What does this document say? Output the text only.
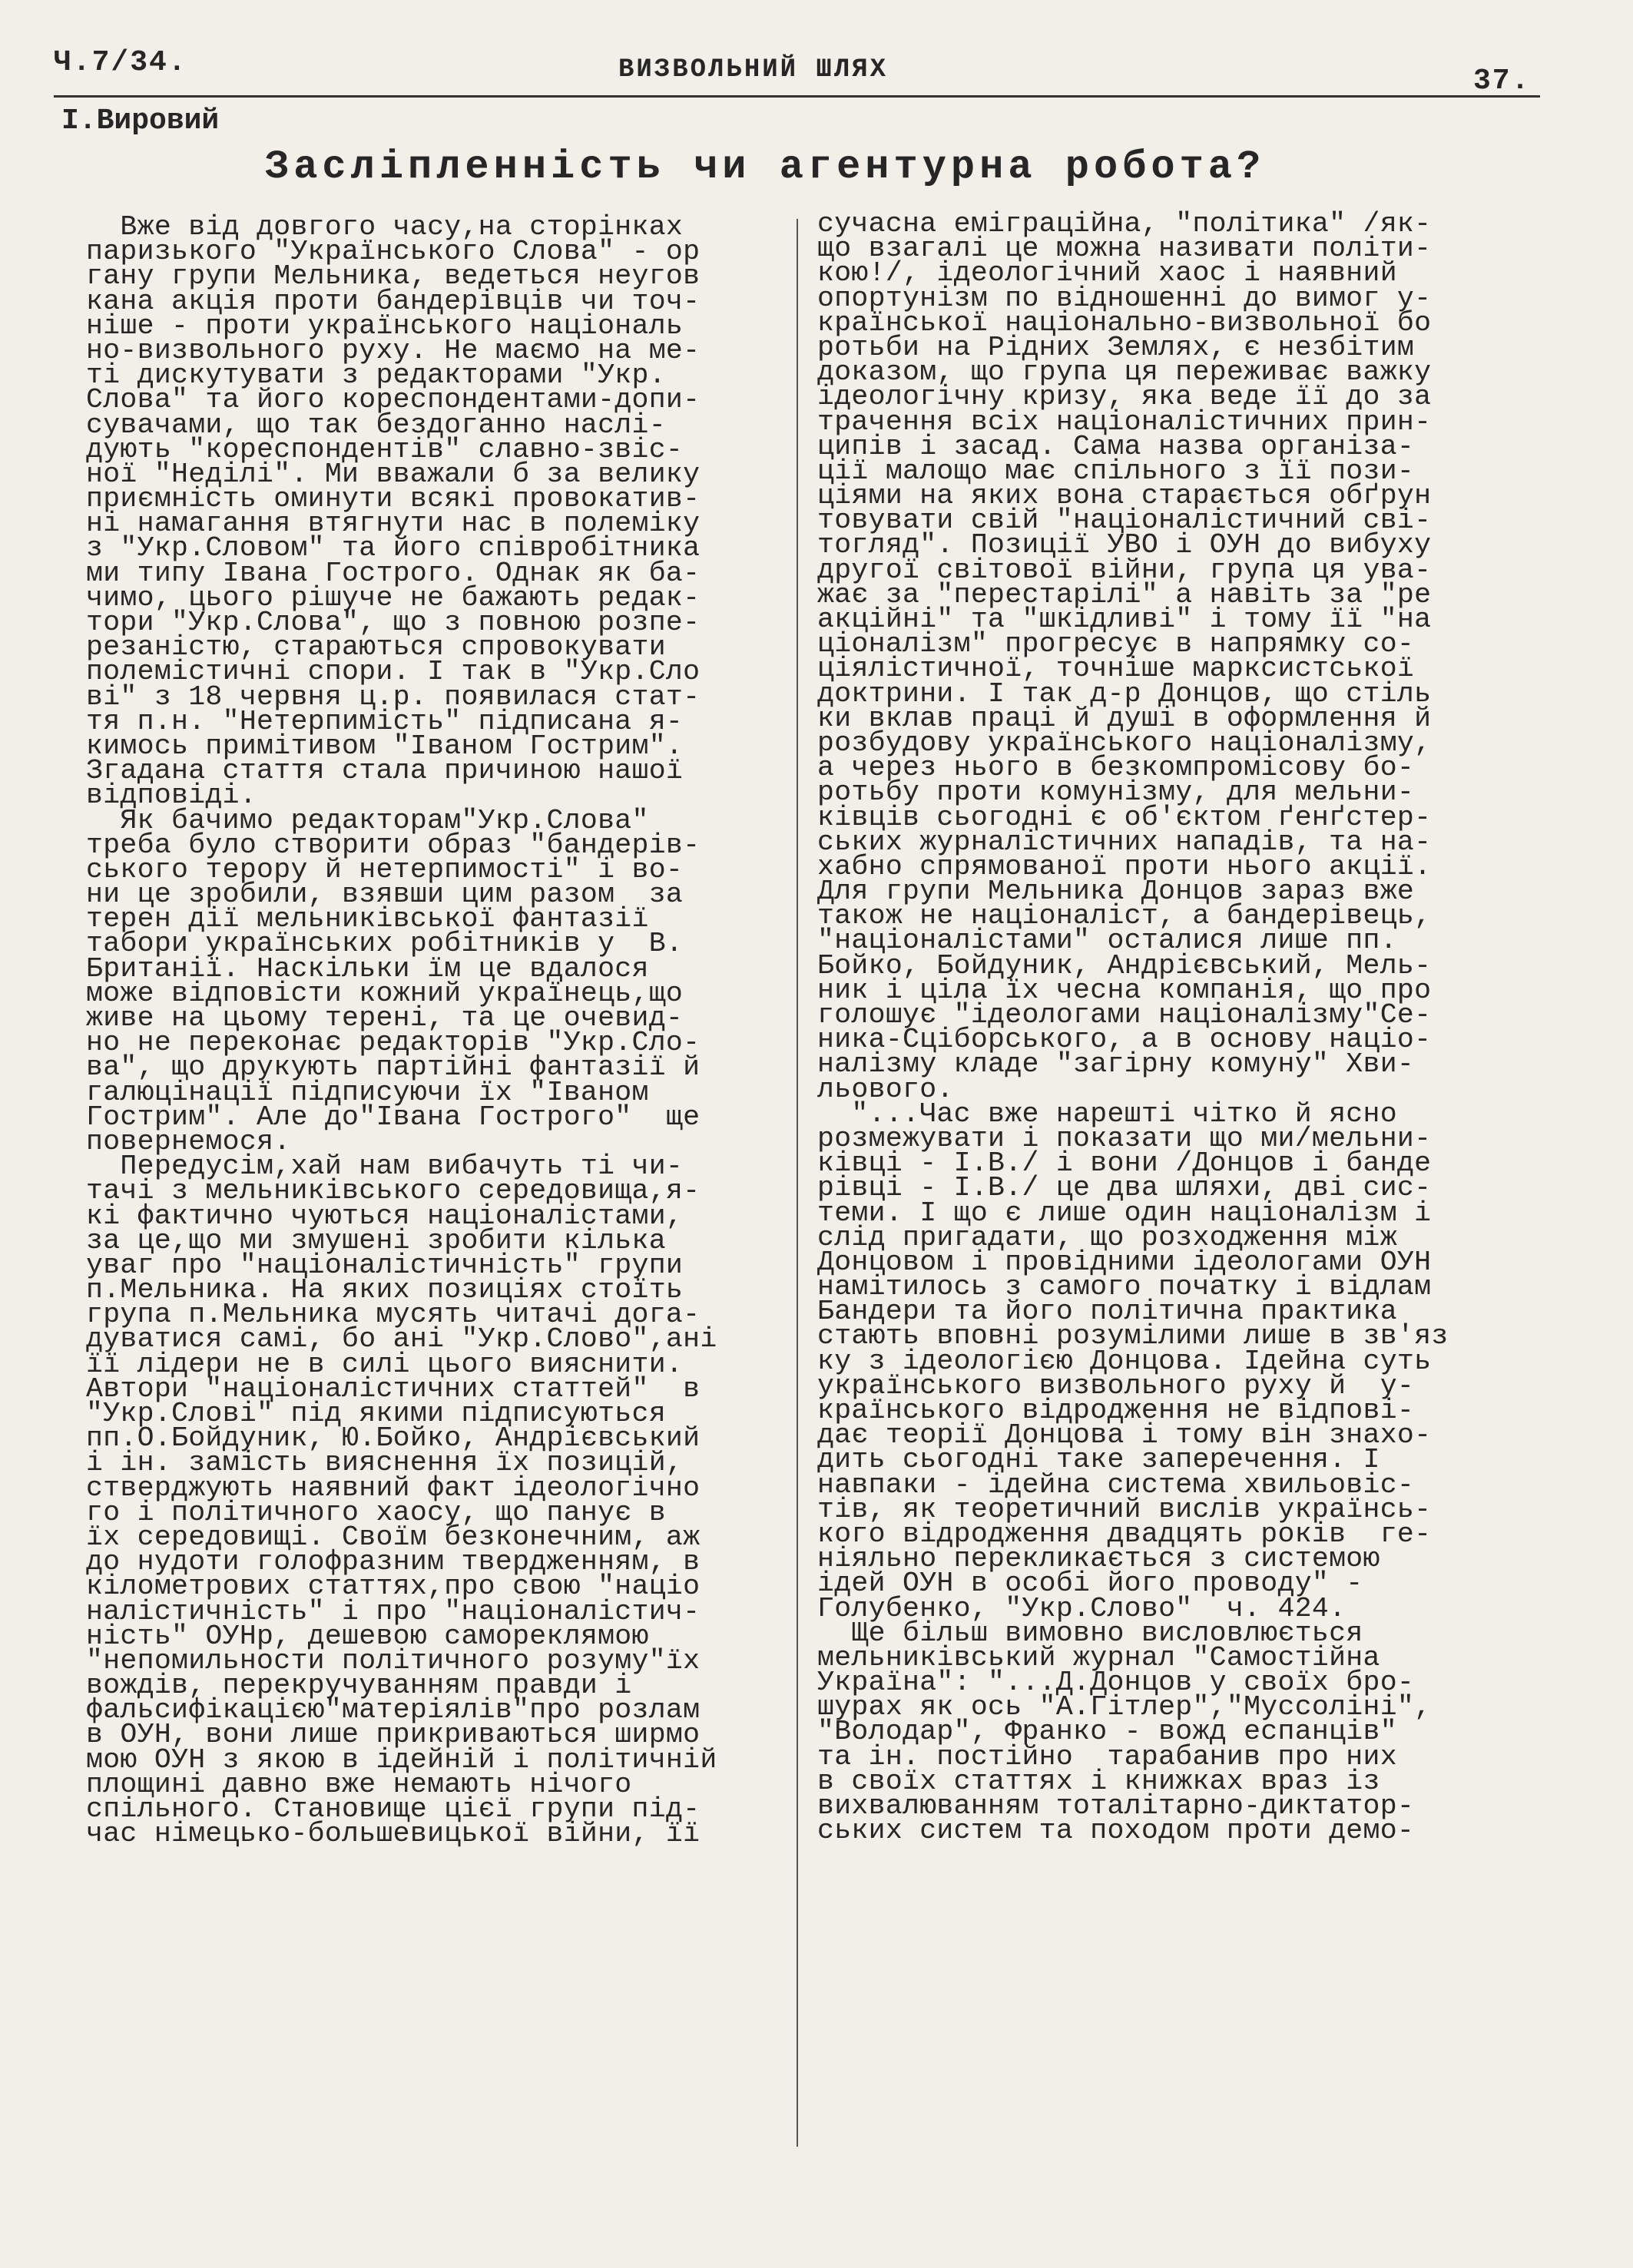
Ч.7/34.	ВИЗВОЛЬНИЙ ШЛЯХ	37.
І.Вировий
Засліпленність чи агентурна робота?
Вже від довгого часу,на сторінках
паризького "Українського Слова" - ор
гану групи Мельника, ведеться неугов
кана акція проти бандерівців чи точ-
ніше - проти українського національ
но-визвольного руху. Не маємо на ме-
ті дискутувати з редакторами "Укр.
Слова" та його кореспондентами-допи-
сувачами, що так бездоганно наслі-
дують "кореспондентів" славно-звіс-
ної "Неділі". Ми вважали б за велику
приємність оминути всякі провокатив-
ні намагання втягнути нас в полеміку
з "Укр.Словом" та його співробітника
ми типу Івана Гострого. Однак як ба-
чимо, цього рішуче не бажають редак-
тори "Укр.Слова", що з повною розпе-
резаністю, стараються спровокувати
полемістичні спори. І так в "Укр.Сло
ві" з 18 червня ц.р. появилася стат-
тя п.н. "Нетерпимість" підписана я-
кимось примітивом "Іваном Гострим".
Згадана стаття стала причиною нашої
відповіді.
Як бачимо редакторам"Укр.Слова"
треба було створити образ "бандерів-
ського терору й нетерпимості" і во-
ни це зробили, взявши цим разом  за
терен дії мельниківської фантазії
табори українських робітників у  В.
Британії. Наскільки їм це вдалося
може відповісти кожний українець,що
живе на цьому терені, та це очевид-
но не переконає редакторів "Укр.Сло-
ва", що друкують партійні фантазії й
галюцінації підписуючи їх "Іваном
Гострим". Але до"Івана Гострого"  ще
повернемося.
Передусім,хай нам вибачуть ті чи-
тачі з мельниківського середовища,я-
кі фактично чуються націоналістами,
за це,що ми змушені зробити кілька
уваг про "націоналістичність" групи
п.Мельника. На яких позиціях стоїть
група п.Мельника мусять читачі дога-
дуватися самі, бо ані "Укр.Слово",ані
її лідери не в силі цього вияснити.
Автори "націоналістичних статтей"  в
"Укр.Слові" під якими підписуються
пп.О.Бойдуник, Ю.Бойко, Андрієвський
і ін. замість вияснення їх позицій,
стверджують наявний факт ідеологічно
го і політичного хаосу, що панує в
їх середовищі. Своїм безконечним, аж
до нудоти голофразним твердженням, в
кілометрових статтях,про свою "націо
налістичність" і про "націоналістич-
ність" ОУНр, дешевою самореклямою
"непомильности політичного розуму"їх
вождів, перекручуванням правди і
фальсифікацією"матеріялів"про розлам
в ОУН, вони лише прикриваються ширмо
мою ОУН з якою в ідейній і політичній
площині давно вже немають нічого
спільного. Становище цієї групи під-
час німецько-большевицької війни, її
сучасна еміграційна, "політика" /як-
що взагалі це можна називати політи-
кою!/, ідеологічний хаос і наявний
опортунізм по відношенні до вимог у-
країнської національно-визвольної бо
ротьби на Рідних Землях, є незбітим
доказом, що група ця переживає важку
ідеологічну кризу, яка веде її до за
трачення всіх націоналістичних прин-
ципів і засад. Сама назва організа-
ції малощо має спільного з її пози-
ціями на яких вона старається обґрун
товувати свій "націоналістичний сві-
тогляд". Позиції УВО і ОУН до вибуху
другої світової війни, група ця ува-
жає за "перестарілі" а навіть за "ре
акційні" та "шкідливі" і тому її "на
ціоналізм" прогресує в напрямку со-
ціялістичної, точніше марксистської
доктрини. І так д-р Донцов, що стіль
ки вклав праці й душі в оформлення й
розбудову українського націоналізму,
а через нього в безкомпромісову бо-
ротьбу проти комунізму, для мельни-
ківців сьогодні є об'єктом ґенґстер-
ських журналістичних нападів, та на-
хабно спрямованої проти нього акції.
Для групи Мельника Донцов зараз вже
також не націоналіст, а бандерівець,
"націоналістами" осталися лише пп.
Бойко, Бойдуник, Андрієвський, Мель-
ник і ціла їх чесна компанія, що про
голошує "ідеологами націоналізму"Се-
ника-Сціборського, а в основу націо-
налізму кладе "загірну комуну" Хви-
льового.
"...Час вже нарешті чітко й ясно
розмежувати і показати що ми/мельни-
ківці - І.В./ і вони /Донцов і банде
рівці - І.В./ це два шляхи, дві сис-
теми. І що є лише один націоналізм і
слід пригадати, що розходження між
Донцовом і провідними ідеологами ОУН
намітилось з самого початку і відлам
Бандери та його політична практика
стають вповні розумілими лише в зв'яз
ку з ідеологією Донцова. Ідейна суть
українського визвольного руху й  у-
країнського відродження не відпові-
дає теорії Донцова і тому він знахо-
дить сьогодні таке заперечення. І
навпаки - ідейна система хвильовіс-
тів, як теоретичний вислів українсь-
кого відродження двадцять років  ге-
ніяльно перекликається з системою
ідей ОУН в особі його проводу" -
Голубенко, "Укр.Слово"  ч. 424.
Ще більш вимовно висловлюється
мельниківський журнал "Самостійна
Україна": "...Д.Донцов у своїх бро-
шурах як ось "А.Гітлер","Муссоліні",
"Володар", Франко - вожд еспанців"
та ін. постійно  тарабанив про них
в своїх статтях і книжках враз із
вихвалюванням тоталітарно-диктатор-
ських систем та походом проти демо-
